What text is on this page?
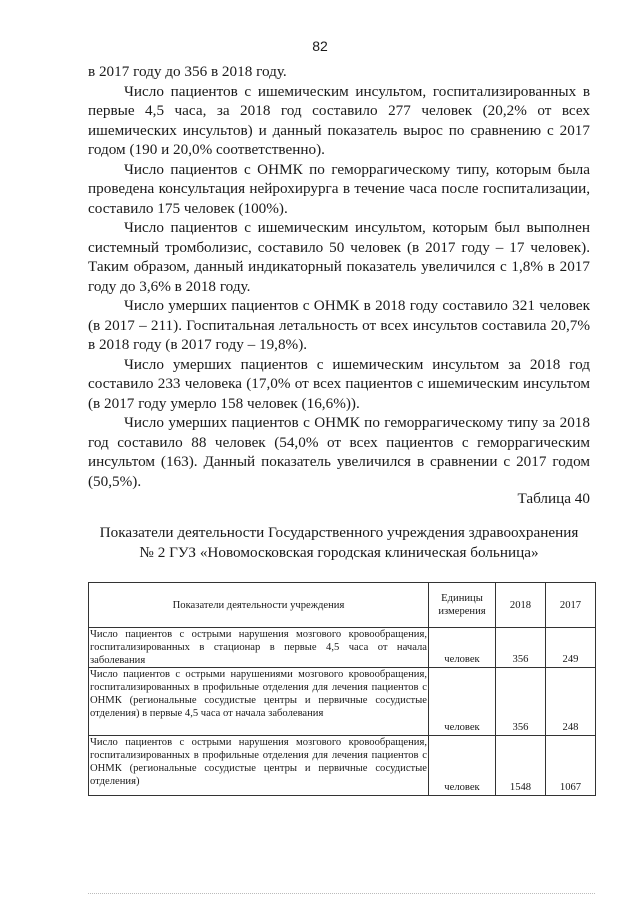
82

в 2017 году до 356 в 2018 году.

Число пациентов с ишемическим инсультом, госпитализированных в первые 4,5 часа, за 2018 год составило 277 человек (20,2% от всех ишемических инсультов) и данный показатель вырос по сравнению с 2017 годом (190 и 20,0% соответственно).

Число пациентов с ОНМК по геморрагическому типу, которым была проведена консультация нейрохирурга в течение часа после госпитализации, составило 175 человек (100%).

Число пациентов с ишемическим инсультом, которым был выполнен системный тромболизис, составило 50 человек (в 2017 году – 17 человек). Таким образом, данный индикаторный показатель увеличился с 1,8% в 2017 году до 3,6% в 2018 году.

Число умерших пациентов с ОНМК в 2018 году составило 321 человек (в 2017 – 211). Госпитальная летальность от всех инсультов составила 20,7% в 2018 году (в 2017 году – 19,8%).

Число умерших пациентов с ишемическим инсультом за 2018 год составило 233 человека (17,0% от всех пациентов с ишемическим инсультом (в 2017 году умерло 158 человек (16,6%)).

Число умерших пациентов с ОНМК по геморрагическому типу за 2018 год составило 88 человек (54,0% от всех пациентов с геморрагическим инсультом (163). Данный показатель увеличился в сравнении с 2017 годом (50,5%).

Таблица 40
Показатели деятельности Государственного учреждения здравоохранения
№ 2 ГУЗ «Новомосковская городская клиническая больница»
Показатели деятельности учреждения	Единицы измерения	2018	2017
Число пациентов с острыми нарушения мозгового кровообращения, госпитализированных в стационар в первые 4,5 часа от начала заболевания	человек	356	249
Число пациентов с острыми нарушениями мозгового кровообращения, госпитализированных в профильные отделения для лечения пациентов с ОНМК (региональные сосудистые центры и первичные сосудистые отделения) в первые 4,5 часа от начала заболевания	человек	356	248
Число пациентов с острыми нарушения мозгового кровообращения, госпитализированных в профильные отделения для лечения пациентов с ОНМК (региональные сосудистые центры и первичные сосудистые отделения)	человек	1548	1067
